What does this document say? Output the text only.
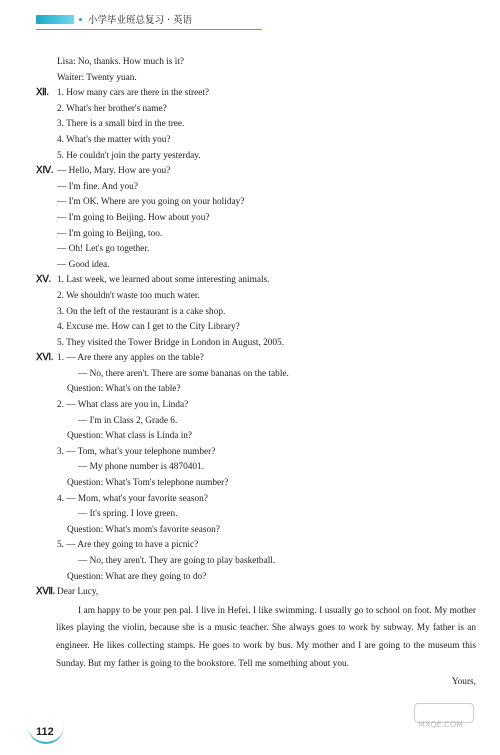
小学毕业班总复习 · 英语
Lisa: No, thanks. How much is it?
Waiter: Twenty yuan.
Ⅻ. 1. How many cars are there in the street?
2. What's her brother's name?
3. There is a small bird in the tree.
4. What's the matter with you?
5. He couldn't join the party yesterday.
ⅩⅣ. — Hello, Mary. How are you?
— I'm fine. And you?
— I'm OK. Where are you going on your holiday?
— I'm going to Beijing. How about you?
— I'm going to Beijing, too.
— Oh! Let's go together.
— Good idea.
ⅩⅤ. 1. Last week, we learned about some interesting animals.
2. We shouldn't waste too much water.
3. On the left of the restaurant is a cake shop.
4. Excuse me. How can I get to the City Library?
5. They visited the Tower Bridge in London in August, 2005.
ⅩⅥ. 1. — Are there any apples on the table?
— No, there aren't. There are some bananas on the table.
Question: What's on the table?
2. — What class are you in, Linda?
— I'm in Class 2, Grade 6.
Question: What class is Linda in?
3. — Tom, what's your telephone number?
— My phone number is 4870401.
Question: What's Tom's telephone number?
4. — Mom, what's your favorite season?
— It's spring. I love green.
Question: What's mom's favorite season?
5. — Are they going to have a picnic?
— No, they aren't. They are going to play basketball.
Question: What are they going to do?
ⅩⅦ. Dear Lucy,

I am happy to be your pen pal. I live in Hefei. I like swimming. I usually go to school on foot. My mother likes playing the violin, because she is a music teacher. She always goes to work by subway. My father is an engineer. He likes collecting stamps. He goes to work by bus. My mother and I are going to the museum this Sunday. But my father is going to the bookstore. Tell me something about you.

Yours,
112
MXQE.COM
